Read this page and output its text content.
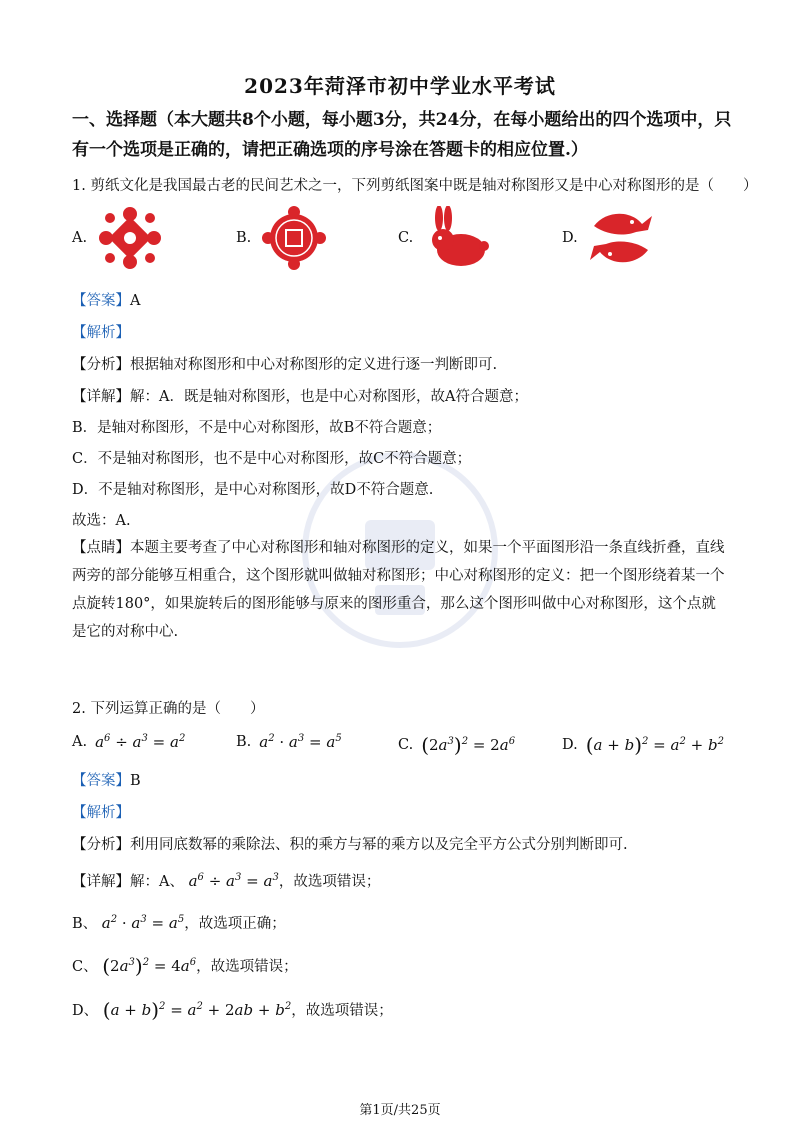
2023年菏泽市初中学业水平考试
一、选择题（本大题共8个小题，每小题3分，共24分，在每小题给出的四个选项中，只有一个选项是正确的，请把正确选项的序号涂在答题卡的相应位置.）
1. 剪纸文化是我国最古老的民间艺术之一，下列剪纸图案中既是轴对称图形又是中心对称图形的是（　　）
A.	B.	C.	D.
【答案】A
【解析】
【分析】根据轴对称图形和中心对称图形的定义进行逐一判断即可.
【详解】解：A．既是轴对称图形，也是中心对称图形，故A符合题意；
B．是轴对称图形，不是中心对称图形，故B不符合题意；
C．不是轴对称图形，也不是中心对称图形，故C不符合题意；
D．不是轴对称图形，是中心对称图形，故D不符合题意.
故选：A.
【点睛】本题主要考查了中心对称图形和轴对称图形的定义，如果一个平面图形沿一条直线折叠，直线两旁的部分能够互相重合，这个图形就叫做轴对称图形；中心对称图形的定义：把一个图形绕着某一个点旋转180°，如果旋转后的图形能够与原来的图形重合，那么这个图形叫做中心对称图形，这个点就是它的对称中心.
2. 下列运算正确的是（　　）
A. $a^6 \div a^3 = a^2$	B. $a^2 \cdot a^3 = a^5$	C. $(2a^3)^2 = 2a^6$	D. $(a + b)^2 = a^2 + b^2$
【答案】B
【解析】
【分析】利用同底数幂的乘除法、积的乘方与幂的乘方以及完全平方公式分别判断即可.
【详解】解：A、 $a^6 \div a^3 = a^3$，故选项错误；
B、 $a^2 \cdot a^3 = a^5$，故选项正确；
C、 $(2a^3)^2 = 4a^6$，故选项错误；
D、 $(a + b)^2 = a^2 + 2ab + b^2$，故选项错误；
第1页/共25页
